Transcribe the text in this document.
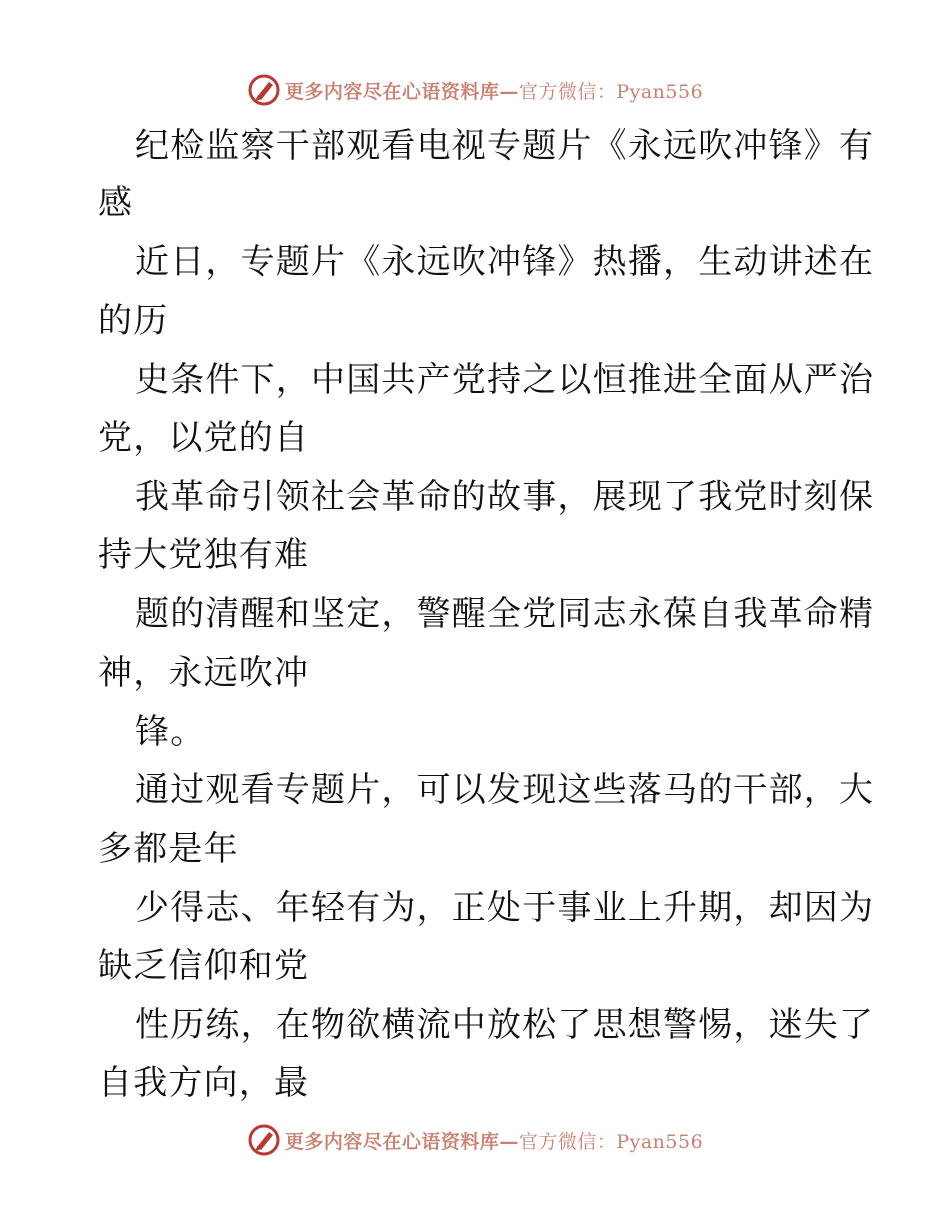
更多内容尽在心语资料库—官方微信：Pyan556
纪检监察干部观看电视专题片《永远吹冲锋》有
感
近日，专题片《永远吹冲锋》热播，生动讲述在
的历
史条件下，中国共产党持之以恒推进全面从严治
党，以党的自
我革命引领社会革命的故事，展现了我党时刻保
持大党独有难
题的清醒和坚定，警醒全党同志永葆自我革命精
神，永远吹冲
锋。
通过观看专题片，可以发现这些落马的干部，大
多都是年
少得志、年轻有为，正处于事业上升期，却因为
缺乏信仰和党
性历练，在物欲横流中放松了思想警惕，迷失了
自我方向，最
更多内容尽在心语资料库—官方微信：Pyan556
